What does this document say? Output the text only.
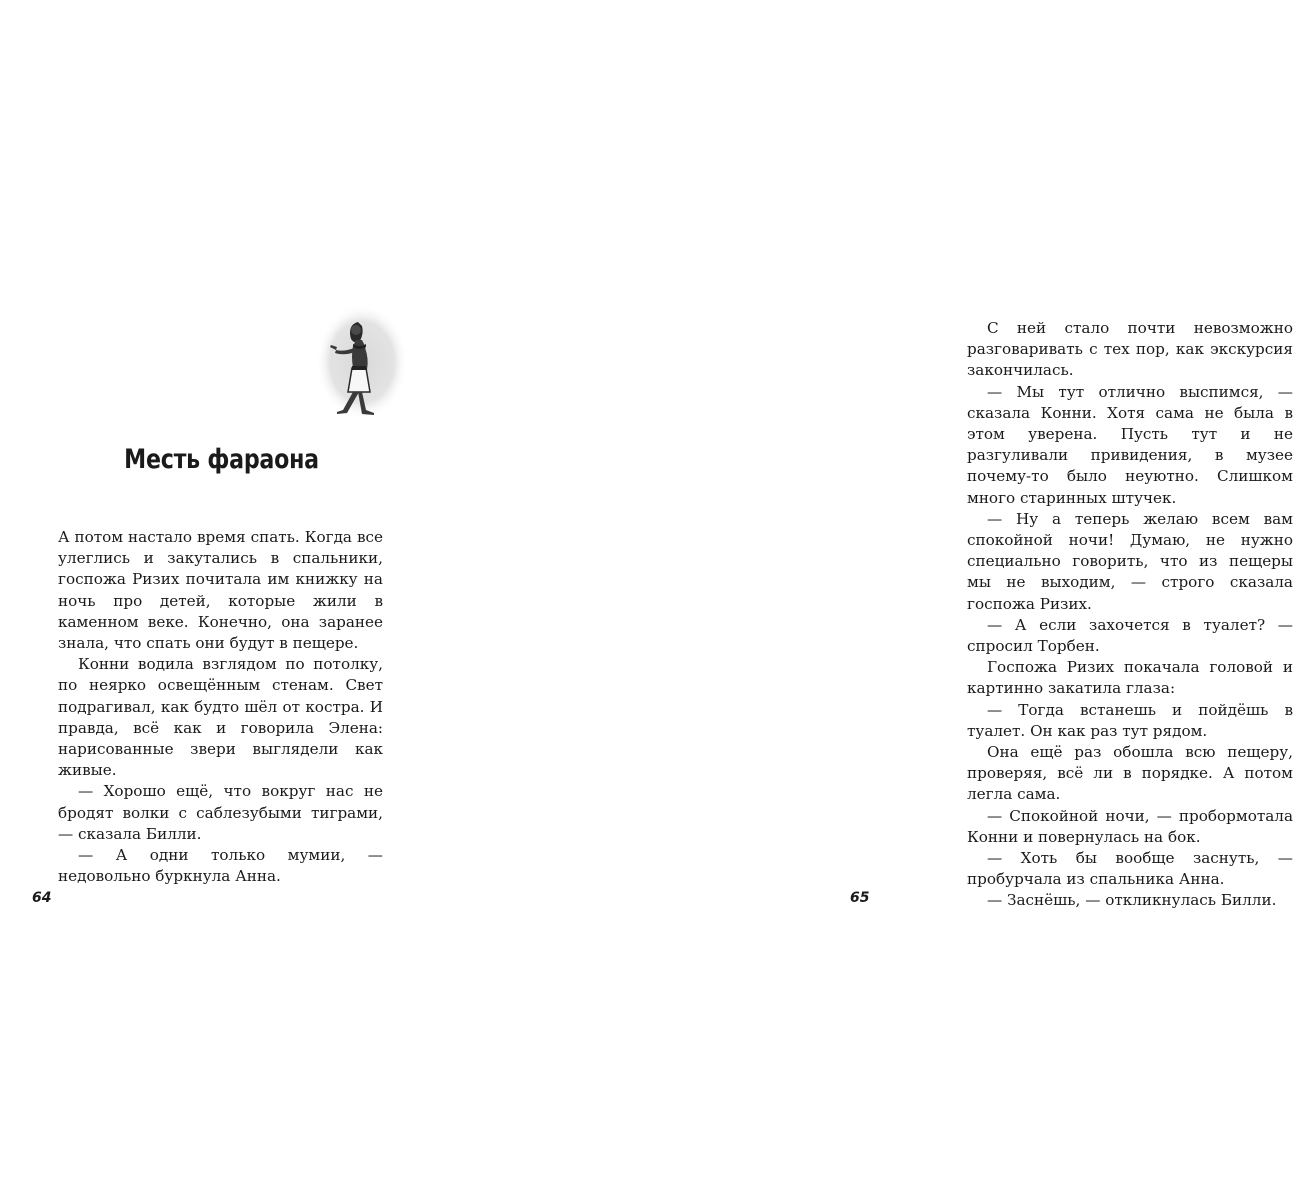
Месть фараона

А потом настало время спать. Когда все улеглись и закутались в спальники, госпожа Ризих почитала им книжку на ночь про детей, которые жили в каменном веке. Конечно, она заранее знала, что спать они будут в пещере.

Конни водила взглядом по потолку, по неярко освещённым стенам. Свет подрагивал, как будто шёл от костра. И правда, всё как и говорила Элена: нарисованные звери выглядели как живые.

— Хорошо ещё, что вокруг нас не бродят волки с саблезубыми тиграми, — сказала Билли.

— А одни только мумии, — недовольно буркнула Анна.

64

С ней стало почти невозможно разговаривать с тех пор, как экскурсия закончилась.

— Мы тут отлично выспимся, — сказала Конни. Хотя сама не была в этом уверена. Пусть тут и не разгуливали привидения, в музее почему-то было неуютно. Слишком много старинных штучек.

— Ну а теперь желаю всем вам спокойной ночи! Думаю, не нужно специально говорить, что из пещеры мы не выходим, — строго сказала госпожа Ризих.

— А если захочется в туалет? — спросил Торбен.

Госпожа Ризих покачала головой и картинно закатила глаза:

— Тогда встанешь и пойдёшь в туалет. Он как раз тут рядом.

Она ещё раз обошла всю пещеру, проверяя, всё ли в порядке. А потом легла сама.

— Спокойной ночи, — пробормотала Конни и повернулась на бок.

— Хоть бы вообще заснуть, — пробурчала из спальника Анна.

— Заснёшь, — откликнулась Билли.

65
